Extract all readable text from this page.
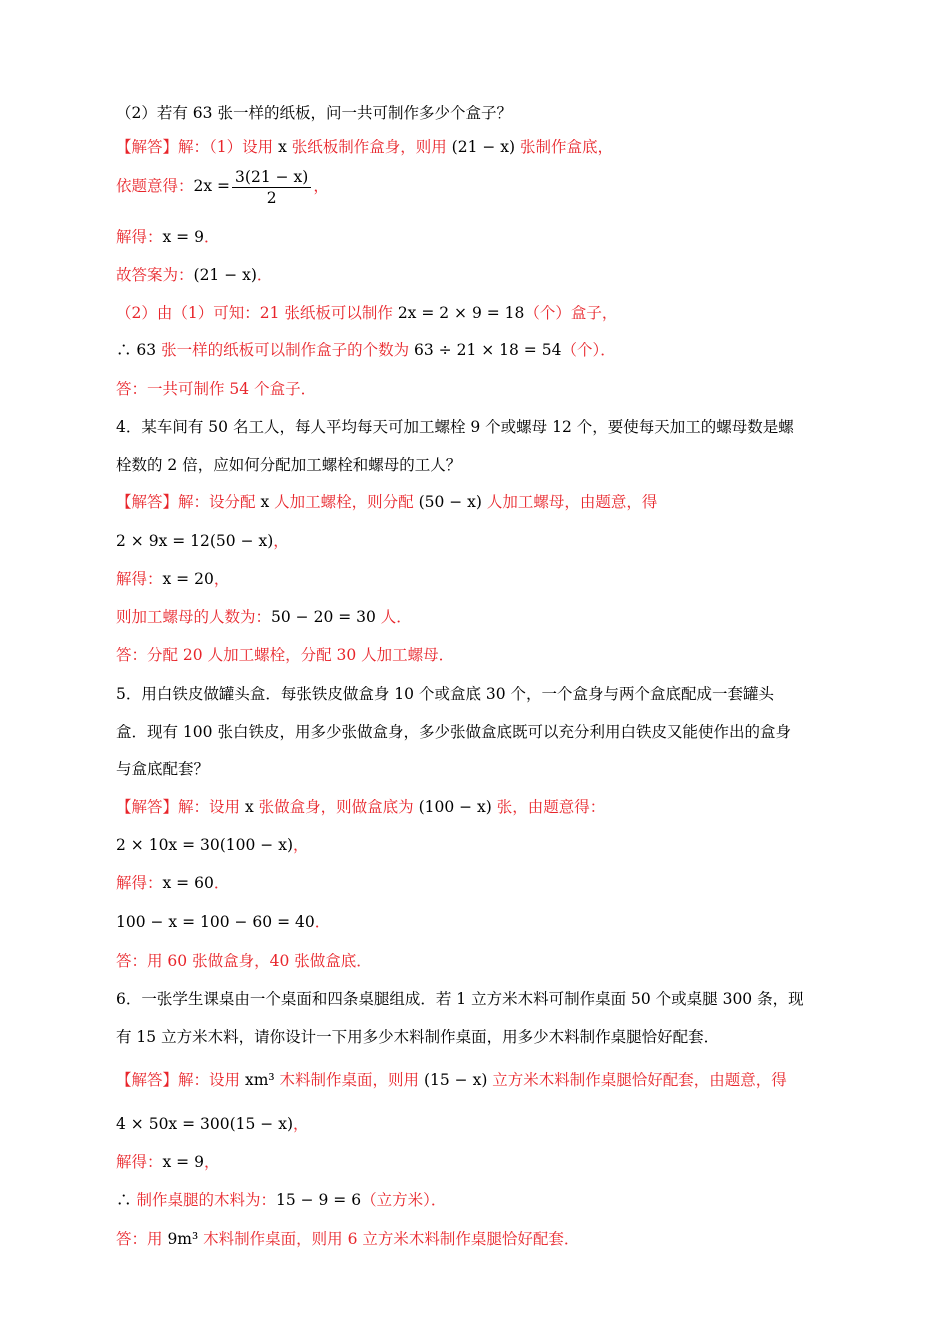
（2）若有 63 张一样的纸板，问一共可制作多少个盒子？
【解答】解：（1）设用 x 张纸板制作盒身，则用 (21 − x) 张制作盒底，
依题意得：$2x = \frac{3(21 - x)}{2}$ ，
解得：x = 9．
故答案为：(21 − x)．
（2）由（1）可知：21 张纸板可以制作 2x = 2 × 9 = 18（个）盒子，
∴ 63 张一样的纸板可以制作盒子的个数为 63 ÷ 21 × 18 = 54（个）．
答：一共可制作 54 个盒子．
4．某车间有 50 名工人，每人平均每天可加工螺栓 9 个或螺母 12 个，要使每天加工的螺母数是螺
栓数的 2 倍，应如何分配加工螺栓和螺母的工人？
【解答】解：设分配 x 人加工螺栓，则分配 (50 − x) 人加工螺母，由题意，得
2 × 9x = 12(50 − x)，
解得：x = 20，
则加工螺母的人数为：50 − 20 = 30 人．
答：分配 20 人加工螺栓，分配 30 人加工螺母．
5．用白铁皮做罐头盒．每张铁皮做盒身 10 个或盒底 30 个，一个盒身与两个盒底配成一套罐头
盒．现有 100 张白铁皮，用多少张做盒身，多少张做盒底既可以充分利用白铁皮又能使作出的盒身
与盒底配套？
【解答】解：设用 x 张做盒身，则做盒底为 (100 − x) 张，由题意得：
2 × 10x = 30(100 − x)，
解得：x = 60．
100 − x = 100 − 60 = 40．
答：用 60 张做盒身，40 张做盒底．
6．一张学生课桌由一个桌面和四条桌腿组成．若 1 立方米木料可制作桌面 50 个或桌腿 300 条，现
有 15 立方米木料，请你设计一下用多少木料制作桌面，用多少木料制作桌腿恰好配套．
【解答】解：设用 xm³ 木料制作桌面，则用 (15 − x) 立方米木料制作桌腿恰好配套，由题意，得
4 × 50x = 300(15 − x)，
解得：x = 9，
∴ 制作桌腿的木料为：15 − 9 = 6（立方米）．
答：用 9m³ 木料制作桌面，则用 6 立方米木料制作桌腿恰好配套．
